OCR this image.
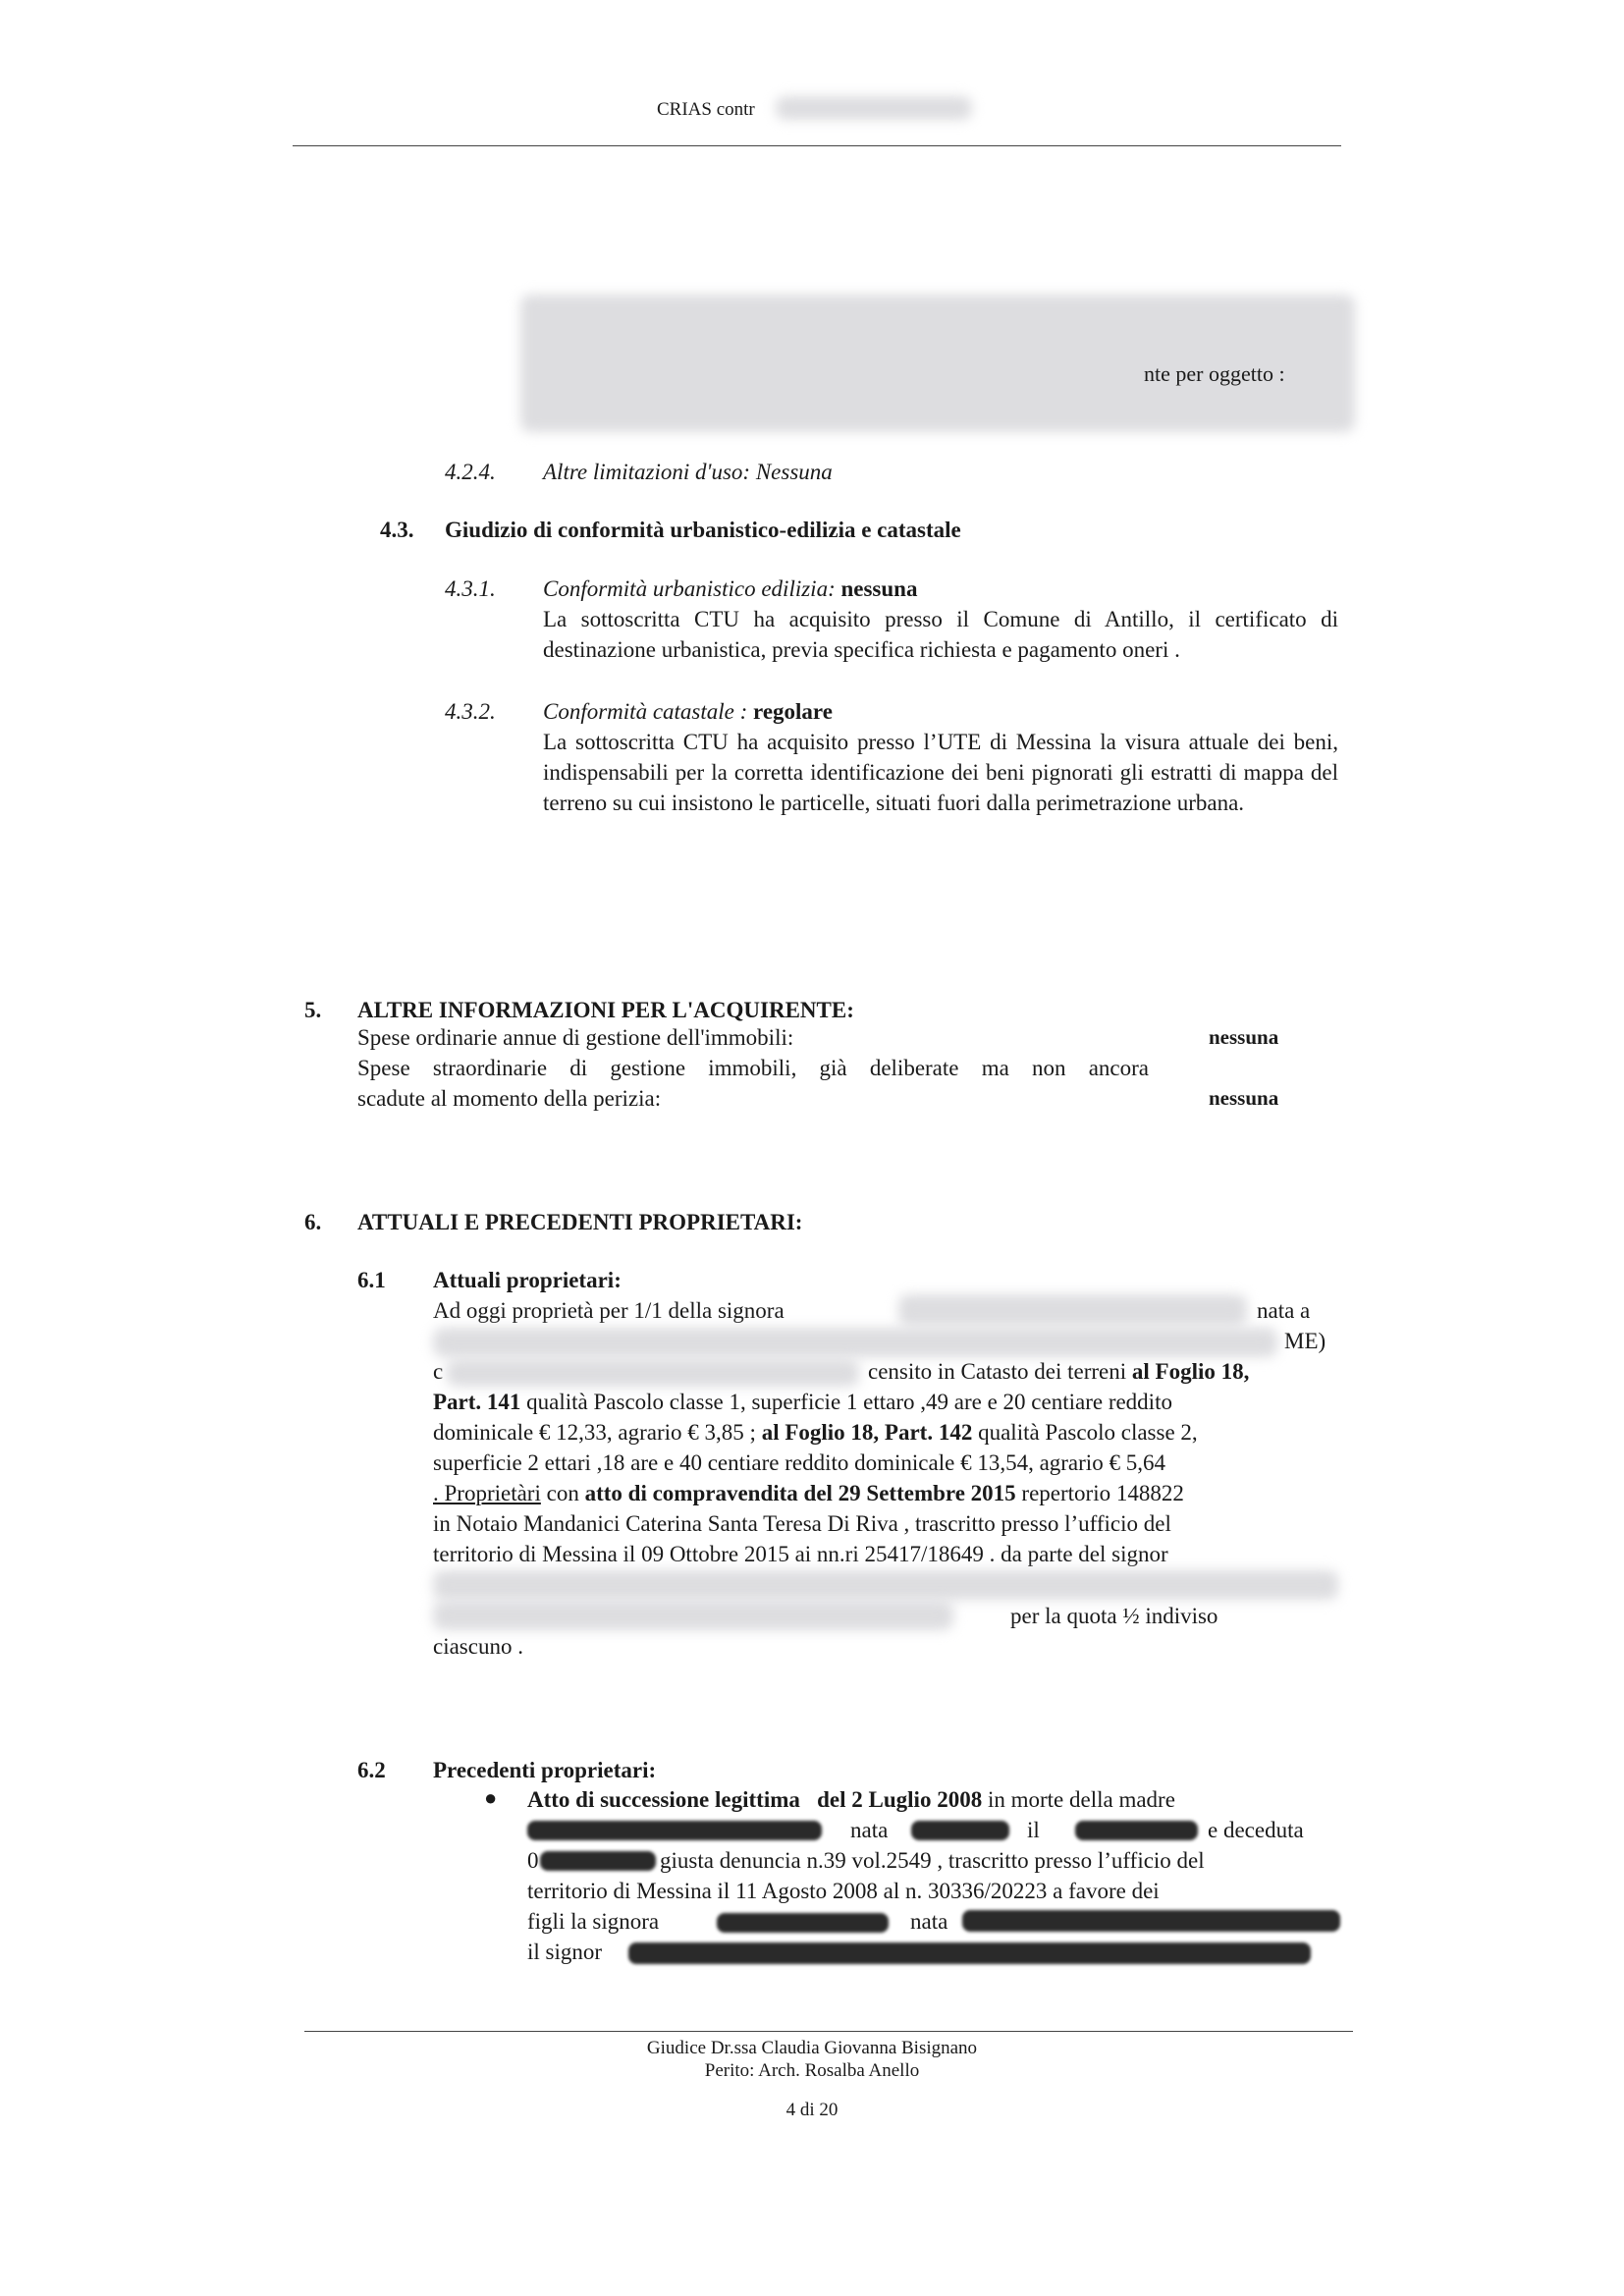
CRIAS contr
nte per oggetto :
4.2.4. Altre limitazioni d'uso: Nessuna
4.3. Giudizio di conformità urbanistico-edilizia e catastale
4.3.1. Conformità urbanistico edilizia: nessuna
La sottoscritta CTU ha acquisito presso il Comune di Antillo, il certificato di destinazione urbanistica, previa specifica richiesta e pagamento oneri .
4.3.2. Conformità catastale : regolare
La sottoscritta CTU ha acquisito presso l’UTE di Messina la visura attuale dei beni, indispensabili per la corretta identificazione dei beni pignorati gli estratti di mappa del terreno su cui insistono le particelle, situati fuori dalla perimetrazione urbana.
5. ALTRE INFORMAZIONI PER L'ACQUIRENTE:
Spese ordinarie annue di gestione dell'immobili:	nessuna
Spese straordinarie di gestione immobili, già deliberate ma non ancora
scadute al momento della perizia:	nessuna
6. ATTUALI E PRECEDENTI PROPRIETARI:
6.1 Attuali proprietari:
Ad oggi proprietà per 1/1 della signora	nata a
ME)
c	censito in Catasto dei terreni al Foglio 18,
Part. 141 qualità Pascolo classe 1, superficie 1 ettaro ,49 are e 20 centiare reddito
dominicale € 12,33, agrario € 3,85 ; al Foglio 18, Part. 142 qualità Pascolo classe 2,
superficie 2 ettari ,18 are e 40 centiare reddito dominicale € 13,54, agrario € 5,64
. Proprietàri con atto di compravendita del 29 Settembre 2015 repertorio 148822
in Notaio Mandanici Caterina Santa Teresa Di Riva , trascritto presso l’ufficio del
territorio di Messina il 09 Ottobre 2015 ai nn.ri 25417/18649 . da parte del signor
per la quota ½ indiviso
ciascuno .
6.2 Precedenti proprietari:
● Atto di successione legittima del 2 Luglio 2008 in morte della madre
nata	il	e deceduta
0	giusta denuncia n.39 vol.2549 , trascritto presso l’ufficio del
territorio di Messina il 11 Agosto 2008 al n. 30336/20223 a favore dei
figli la signora	nata
il signor
Giudice Dr.ssa Claudia Giovanna Bisignano
Perito: Arch. Rosalba Anello
4 di 20
